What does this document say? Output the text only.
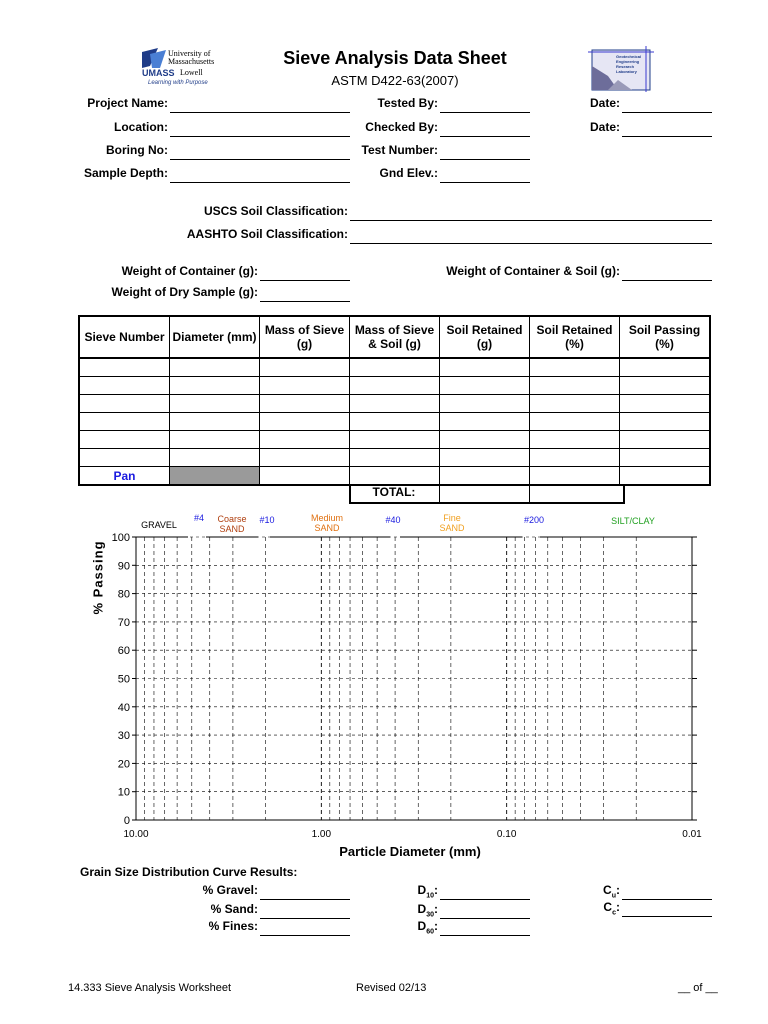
University of
Massachusetts
UMASS Lowell
Learning with Purpose
Sieve Analysis Data Sheet
ASTM D422-63(2007)
Geotechnical Engineering Research Laboratory
Project Name:
Location:
Boring No:
Sample Depth:
Tested By:
Checked By:
Test Number:
Gnd Elev.:
Date:
Date:
USCS Soil Classification:
AASHTO Soil Classification:
Weight of Container (g):
Weight of Dry Sample (g):
Weight of Container & Soil (g):
Sieve Number	Diameter (mm)	Mass of Sieve (g)	Mass of Sieve & Soil (g)	Soil Retained (g)	Soil Retained (%)	Soil Passing (%)

Pan						
TOTAL:
GRAVEL
#4	Coarse
SAND
#10	Medium
SAND
#40	Fine
SAND
#200	SILT/CLAY
0
10
20
30
40
50
60
70
80
90
100
10.00	1.00	0.10	0.01
% Passing
Particle Diameter (mm)
Grain Size Distribution Curve Results:
% Gravel:
% Sand:
% Fines:
$D_{10}$:
$D_{30}$:
$D_{60}$:
$C_u$:
$C_c$:
14.333 Sieve Analysis Worksheet	Revised 02/13	__ of __
